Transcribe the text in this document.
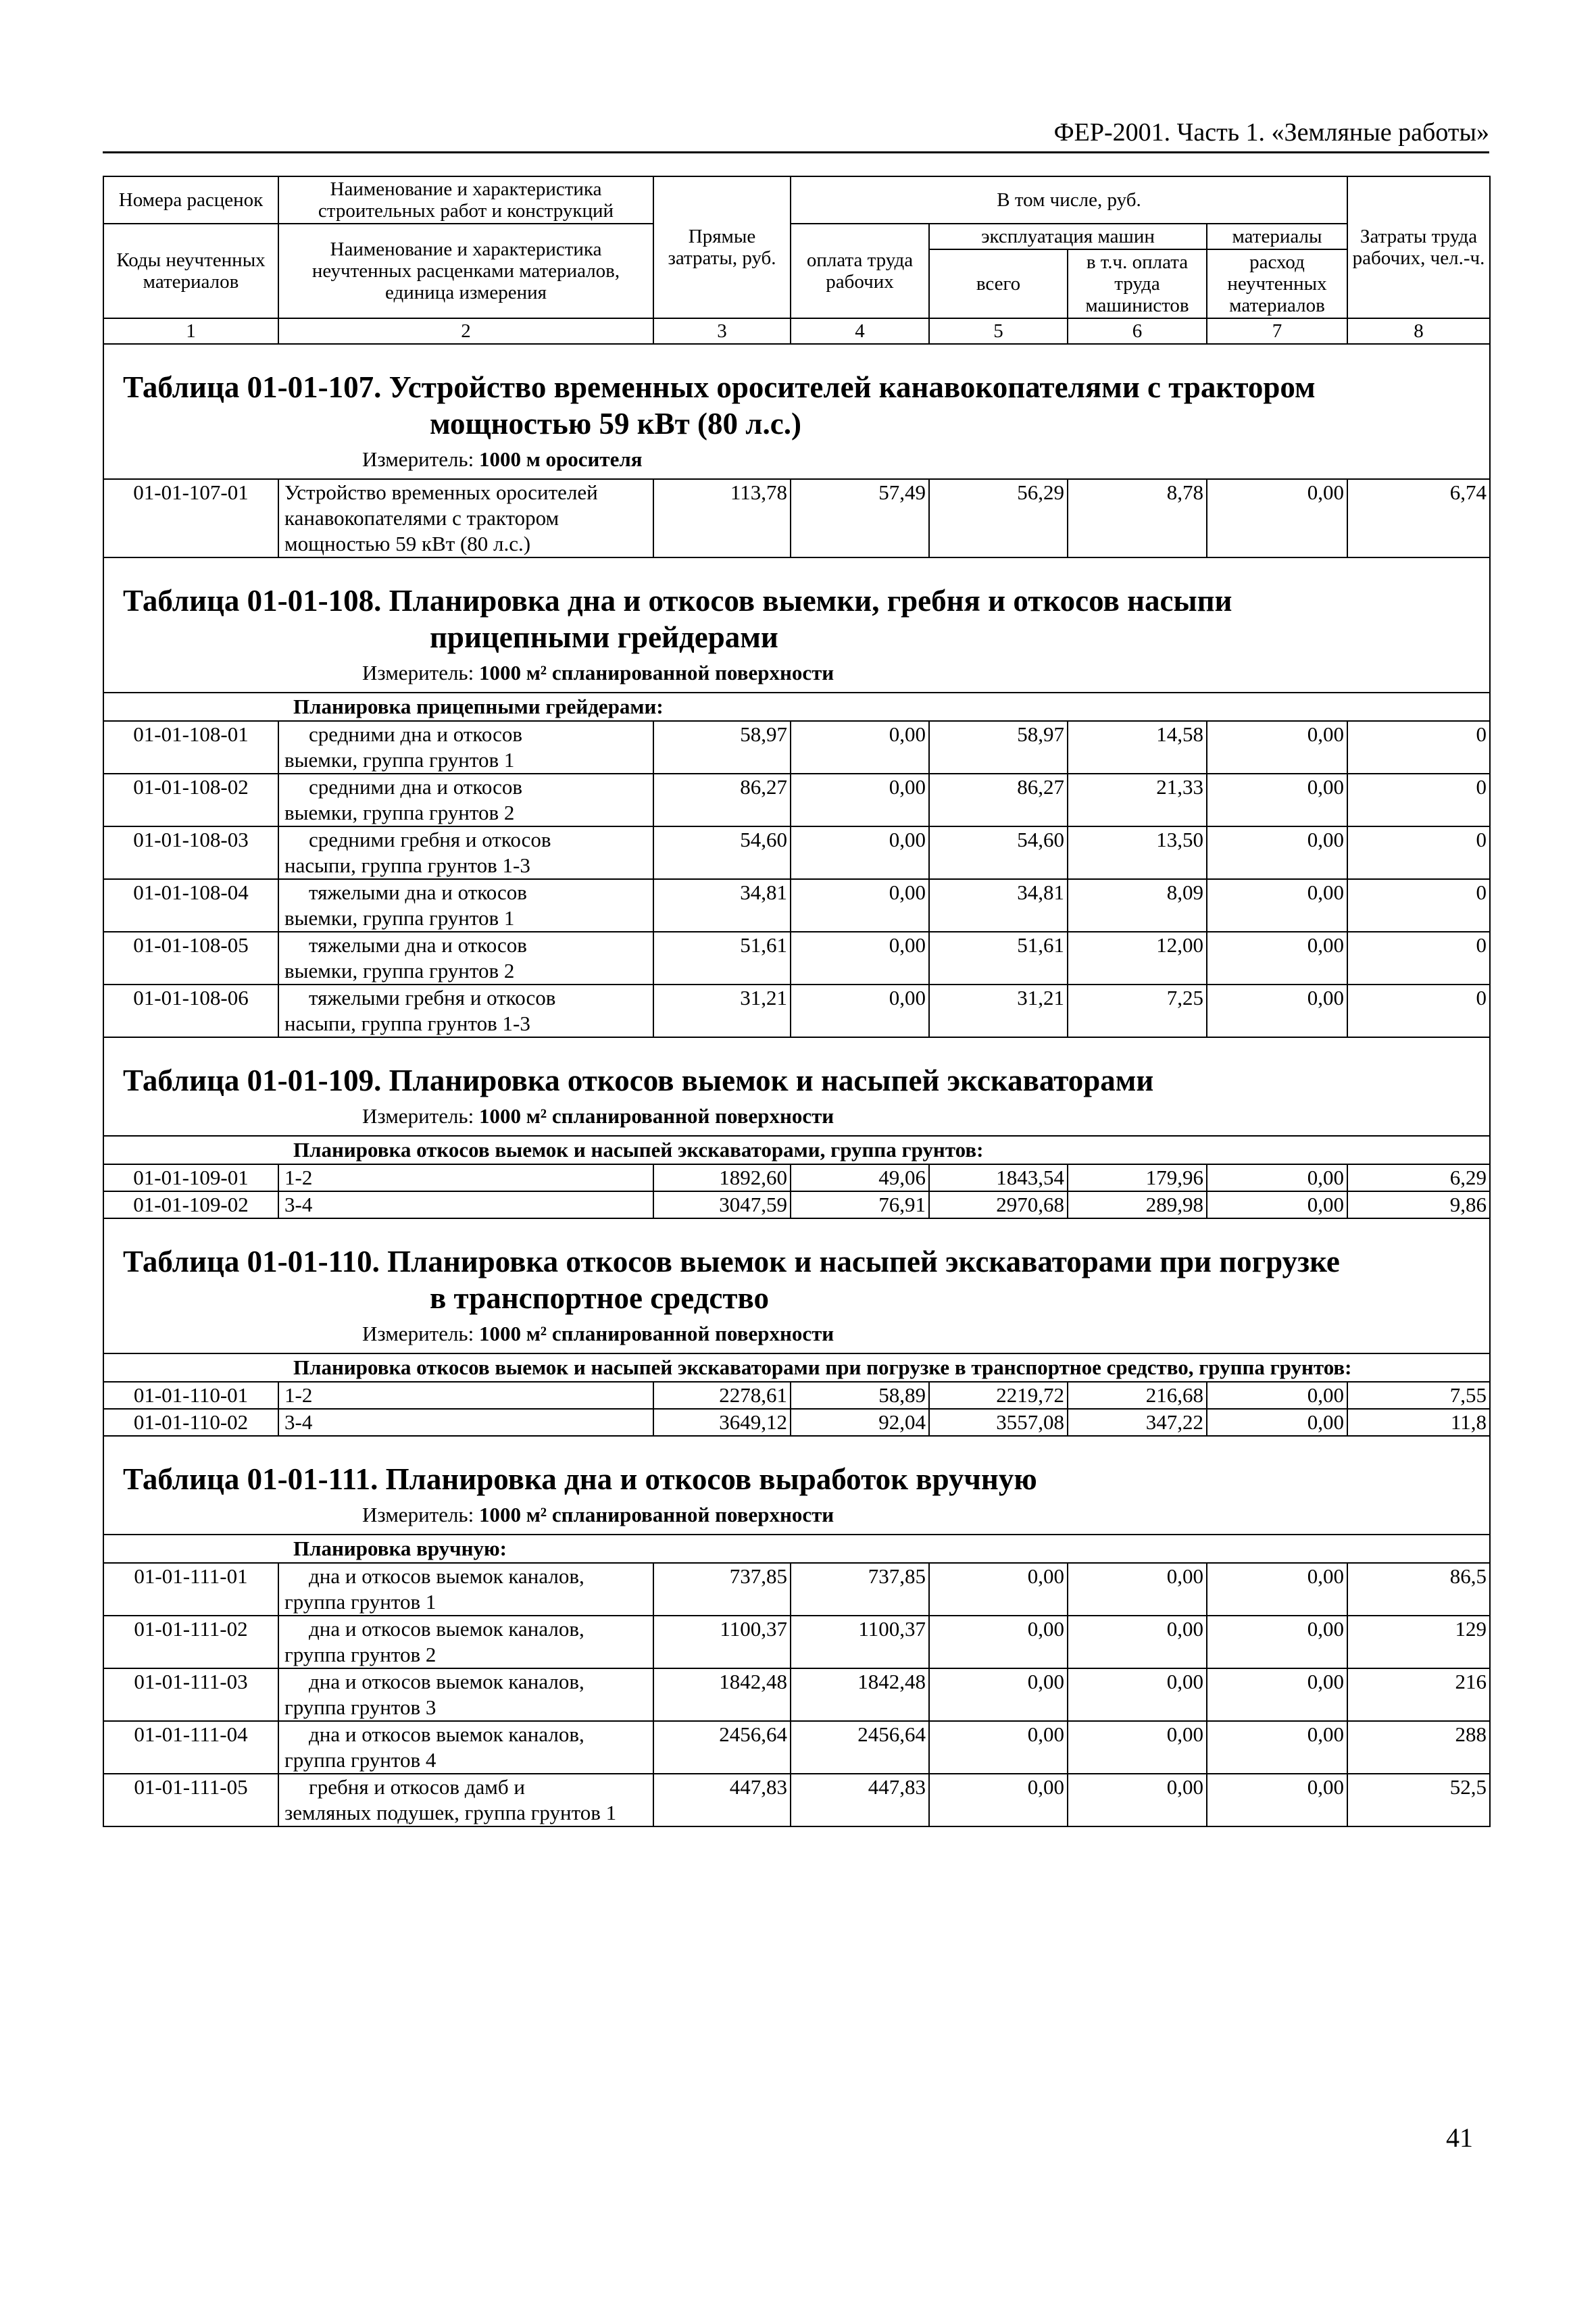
ФЕР-2001. Часть 1. «Земляные работы»
Номера расценок	Наименование и характеристика строительных работ и конструкций	Прямые затраты, руб.	В том числе, руб.				Затраты труда рабочих, чел.-ч.
Коды неучтенных материалов	Наименование и характеристика неучтенных расценками материалов, единица измерения		оплата труда рабочих	эксплуатация машин		материалы	
				всего	в т.ч. оплата труда машинистов	расход неучтенных материалов	

1	2	3	4	5	6	7	8

Таблица 01-01-107. Устройство временных оросителей канавокопателями с трактором
мощностью 59 кВт (80 л.с.)
Измеритель: 1000 м оросителя							

01-01-107-01	Устройство временных оросителей канавокопателями с трактором мощностью 59 кВт (80 л.с.)	113,78	57,49	56,29	8,78	0,00	6,74

Таблица 01-01-108. Планировка дна и откосов выемки, гребня и откосов насыпи
прицепными грейдерами
Измеритель: 1000 м² спланированной поверхности							

Планировка прицепными грейдерами:							

01-01-108-01	средними дна и откосов
выемки, группа грунтов 1	58,97	0,00	58,97	14,58	0,00	0
01-01-108-02	средними дна и откосов
выемки, группа грунтов 2	86,27	0,00	86,27	21,33	0,00	0
01-01-108-03	средними гребня и откосов
насыпи, группа грунтов 1-3	54,60	0,00	54,60	13,50	0,00	0
01-01-108-04	тяжелыми дна и откосов
выемки, группа грунтов 1	34,81	0,00	34,81	8,09	0,00	0
01-01-108-05	тяжелыми дна и откосов
выемки, группа грунтов 2	51,61	0,00	51,61	12,00	0,00	0
01-01-108-06	тяжелыми гребня и откосов
насыпи, группа грунтов 1-3	31,21	0,00	31,21	7,25	0,00	0

Таблица 01-01-109. Планировка откосов выемок и насыпей экскаваторами
Измеритель: 1000 м² спланированной поверхности							

Планировка откосов выемок и насыпей экскаваторами, группа грунтов:							

01-01-109-01	1-2	1892,60	49,06	1843,54	179,96	0,00	6,29
01-01-109-02	3-4	3047,59	76,91	2970,68	289,98	0,00	9,86

Таблица 01-01-110. Планировка откосов выемок и насыпей экскаваторами при погрузке
в транспортное средство
Измеритель: 1000 м² спланированной поверхности							

Планировка откосов выемок и насыпей экскаваторами при погрузке в транспортное средство, группа грунтов:							

01-01-110-01	1-2	2278,61	58,89	2219,72	216,68	0,00	7,55
01-01-110-02	3-4	3649,12	92,04	3557,08	347,22	0,00	11,8

Таблица 01-01-111. Планировка дна и откосов выработок вручную
Измеритель: 1000 м² спланированной поверхности							

Планировка вручную:							

01-01-111-01	дна и откосов выемок каналов,
группа грунтов 1	737,85	737,85	0,00	0,00	0,00	86,5
01-01-111-02	дна и откосов выемок каналов,
группа грунтов 2	1100,37	1100,37	0,00	0,00	0,00	129
01-01-111-03	дна и откосов выемок каналов,
группа грунтов 3	1842,48	1842,48	0,00	0,00	0,00	216
01-01-111-04	дна и откосов выемок каналов,
группа грунтов 4	2456,64	2456,64	0,00	0,00	0,00	288
01-01-111-05	гребня и откосов дамб и
земляных подушек, группа грунтов 1	447,83	447,83	0,00	0,00	0,00	52,5
41
